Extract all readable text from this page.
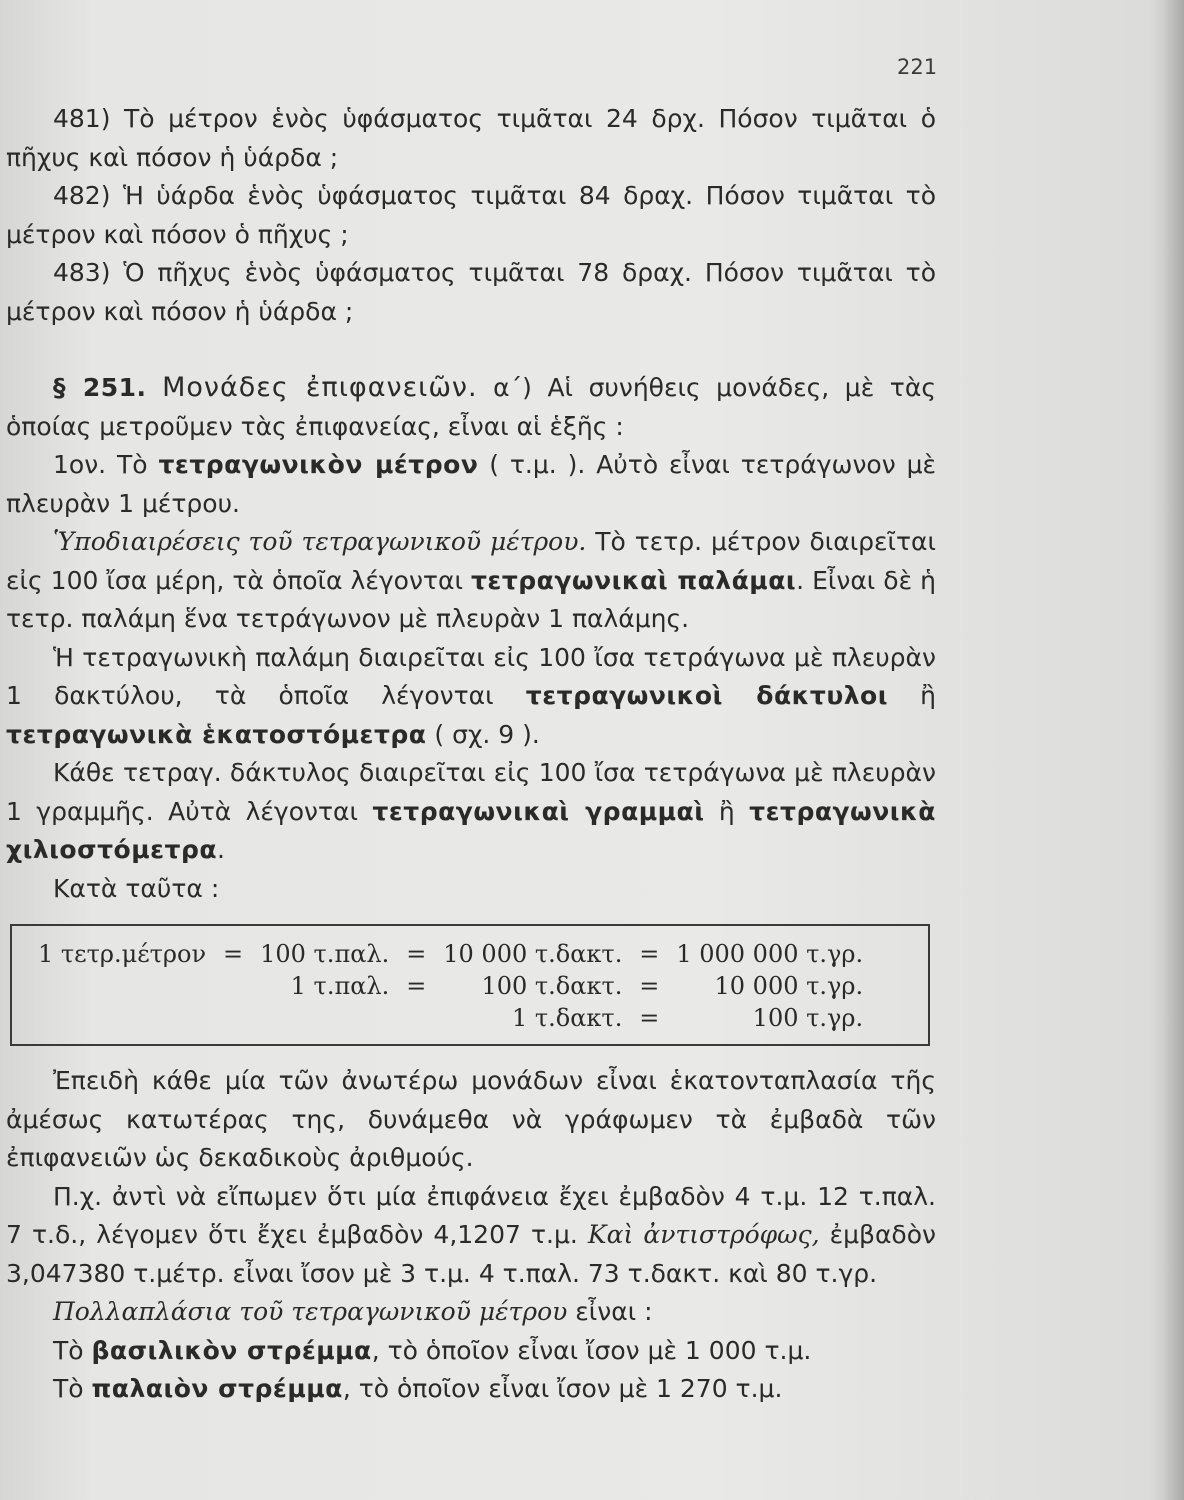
221

481) Τὸ μέτρον ἑνὸς ὑφάσματος τιμᾶται 24 δρχ. Πόσον τιμᾶται ὁ πῆχυς καὶ πόσον ἡ ὑάρδα ;

482) Ἡ ὑάρδα ἑνὸς ὑφάσματος τιμᾶται 84 δραχ. Πόσον τιμᾶται τὸ μέτρον καὶ πόσον ὁ πῆχυς ;

483) Ὁ πῆχυς ἑνὸς ὑφάσματος τιμᾶται 78 δραχ. Πόσον τιμᾶται τὸ μέτρον καὶ πόσον ἡ ὑάρδα ;

§ 251. Μονάδες ἐπιφανειῶν. α΄) Αἱ συνήθεις μονάδες, μὲ τὰς ὁποίας μετροῦμεν τὰς ἐπιφανείας, εἶναι αἱ ἑξῆς :

1ον. Τὸ τετραγωνικὸν μέτρον ( τ.μ. ). Αὐτὸ εἶναι τετράγωνον μὲ πλευρὰν 1 μέτρου.

Ὑποδιαιρέσεις τοῦ τετραγωνικοῦ μέτρου. Τὸ τετρ. μέτρον διαιρεῖται εἰς 100 ἴσα μέρη, τὰ ὁποῖα λέγονται τετραγωνικαὶ παλάμαι. Εἶναι δὲ ἡ τετρ. παλάμη ἕνα τετράγωνον μὲ πλευρὰν 1 παλάμης.

Ἡ τετραγωνικὴ παλάμη διαιρεῖται εἰς 100 ἴσα τετράγωνα μὲ πλευρὰν 1 δακτύλου, τὰ ὁποῖα λέγονται τετραγωνικοὶ δάκτυλοι ἢ τετραγωνικὰ ἑκατοστόμετρα ( σχ. 9 ).

Κάθε τετραγ. δάκτυλος διαιρεῖται εἰς 100 ἴσα τετράγωνα μὲ πλευρὰν 1 γραμμῆς. Αὐτὰ λέγονται τετραγωνικαὶ γραμμαὶ ἢ τετραγωνικὰ χιλιοστόμετρα.

Κατὰ ταῦτα :

1 τετρ.μέτρον	=	100 τ.παλ.	=	10 000 τ.δακτ.	=	1 000 000 τ.γρ.
		1 τ.παλ.	=	100 τ.δακτ.	=	10 000 τ.γρ.
				1 τ.δακτ.	=	100 τ.γρ.

Ἐπειδὴ κάθε μία τῶν ἀνωτέρω μονάδων εἶναι ἑκατονταπλασία τῆς ἀμέσως κατωτέρας της, δυνάμεθα νὰ γράφωμεν τὰ ἐμβαδὰ τῶν ἐπιφανειῶν ὡς δεκαδικοὺς ἀριθμούς.

Π.χ. ἀντὶ νὰ εἴπωμεν ὅτι μία ἐπιφάνεια ἔχει ἐμβαδὸν 4 τ.μ. 12 τ.παλ. 7 τ.δ., λέγομεν ὅτι ἔχει ἐμβαδὸν 4,1207 τ.μ. Καὶ ἀντιστρόφως, ἐμβαδὸν 3,047380 τ.μέτρ. εἶναι ἴσον μὲ 3 τ.μ. 4 τ.παλ. 73 τ.δακτ. καὶ 80 τ.γρ.

Πολλαπλάσια τοῦ τετραγωνικοῦ μέτρου εἶναι :

Τὸ βασιλικὸν στρέμμα, τὸ ὁποῖον εἶναι ἴσον μὲ 1 000 τ.μ.

Τὸ παλαιὸν στρέμμα, τὸ ὁποῖον εἶναι ἴσον μὲ 1 270 τ.μ.
